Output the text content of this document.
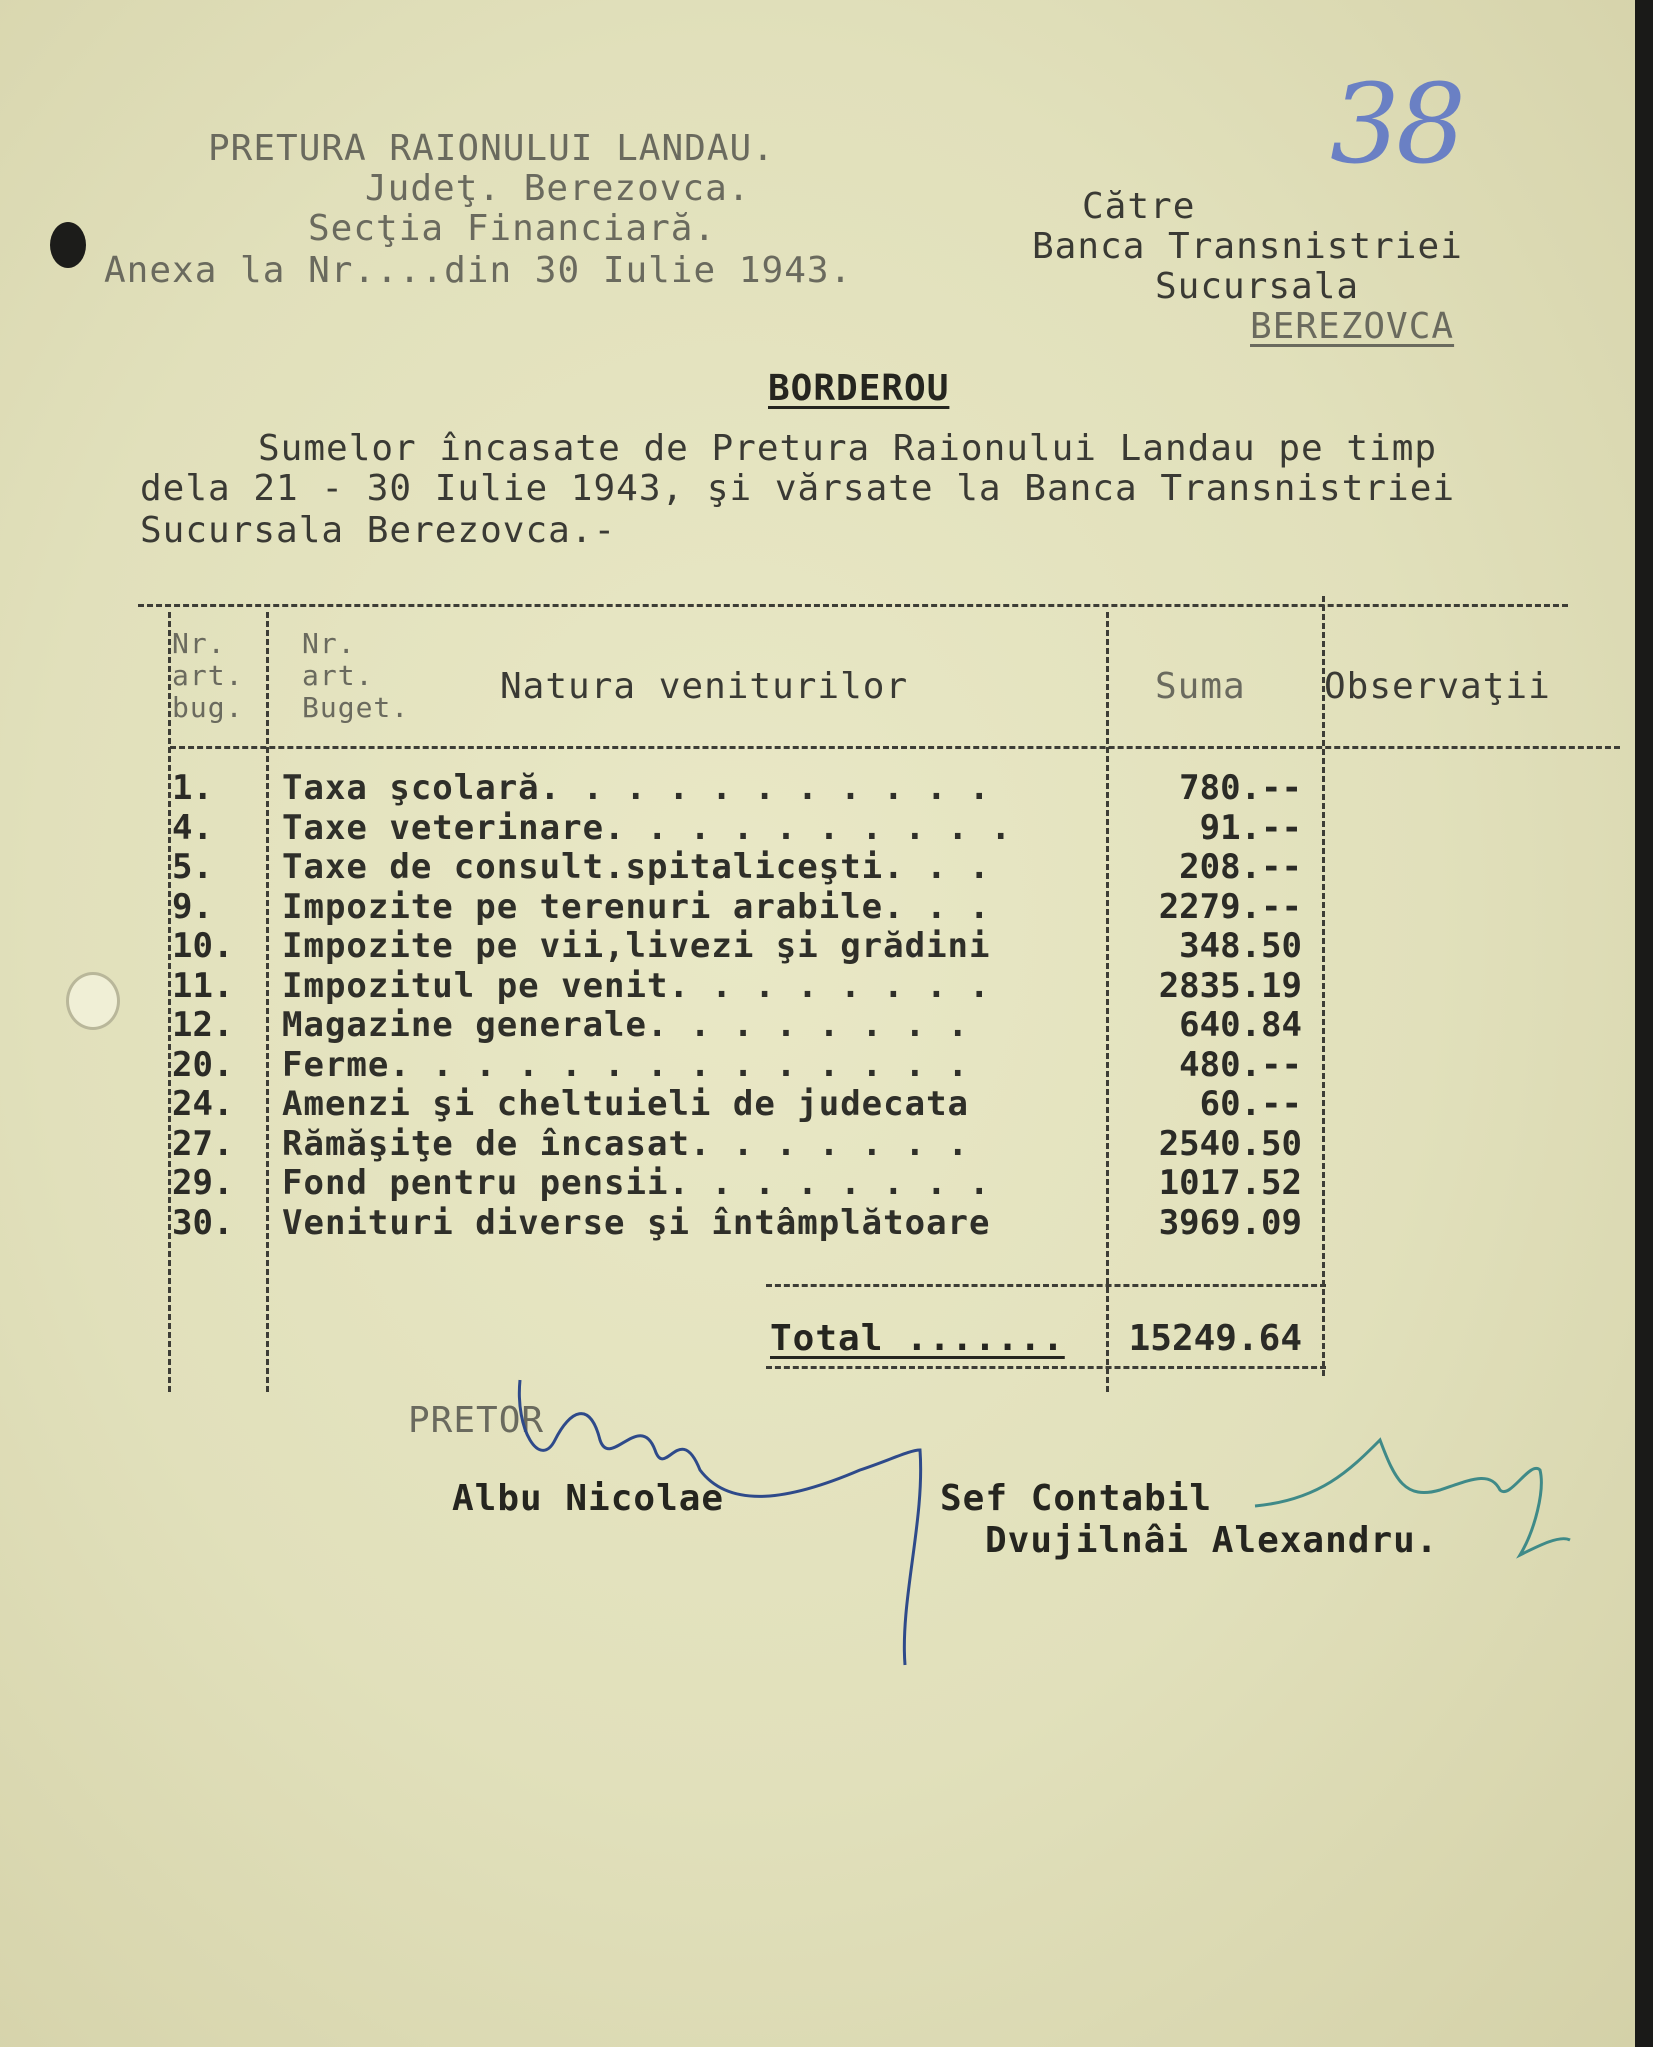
PRETURA RAIONULUI LANDAU.
Judeţ. Berezovca.
Secţia Financiară.
Anexa la Nr....din 30 Iulie 1943.
Către
Banca Transnistriei
Sucursala
BEREZOVCA
38
BORDEROU
Sumelor încasate de Pretura Raionului Landau pe timp
dela 21 - 30 Iulie 1943, şi vărsate la Banca Transnistriei
Sucursala Berezovca.-
Nr.
art.
bug.
Nr.
art.
Buget.
Natura veniturilor	Suma Observaţii
1.	Taxa şcolară. . . . . . . . . . .	780.--
4.	Taxe veterinare. . . . . . . . . .	91.--
5.	Taxe de consult.spitaliceşti. . .	208.--
9.	Impozite pe terenuri arabile. . .	2279.--
10.	Impozite pe vii,livezi şi grădini	348.50
11.	Impozitul pe venit. . . . . . . .	2835.19
12.	Magazine generale. . . . . . . .	640.84
20.	Ferme. . . . . . . . . . . . . .	480.--
24.	Amenzi şi cheltuieli de judecata	60.--
27.	Rămăşiţe de încasat. . . . . . .	2540.50
29.	Fond pentru pensii. . . . . . . .	1017.52
30.	Venituri diverse şi întâmplătoare	3969.09
Total .......	15249.64
PRETOR
Albu Nicolae	Sef Contabil
Dvujilnâi Alexandru.
